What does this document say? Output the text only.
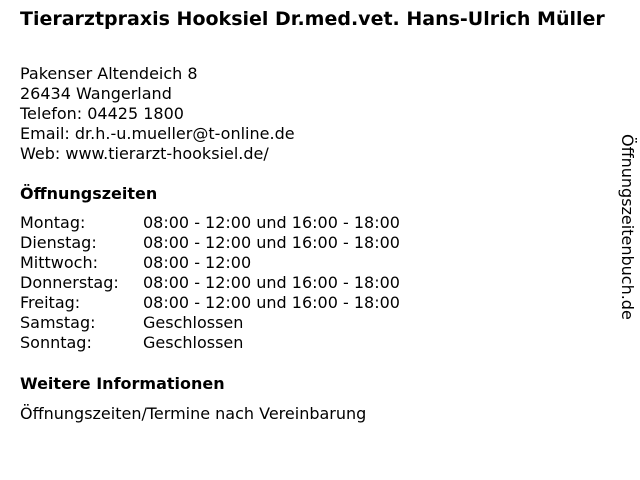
Tierarztpraxis Hooksiel Dr.med.vet. Hans-Ulrich Müller
Pakenser Altendeich 8
26434 Wangerland
Telefon: 04425 1800
Email: dr.h.-u.mueller@t-online.de
Web: www.tierarzt-hooksiel.de/
Öffnungszeiten
Montag:	08:00 - 12:00 und 16:00 - 18:00
Dienstag:	08:00 - 12:00 und 16:00 - 18:00
Mittwoch:	08:00 - 12:00
Donnerstag: 08:00 - 12:00 und 16:00 - 18:00
Freitag:	08:00 - 12:00 und 16:00 - 18:00
Samstag:	Geschlossen
Sonntag:	Geschlossen
Weitere Informationen
Öffnungszeiten/Termine nach Vereinbarung
Öffnungszeitenbuch.de
